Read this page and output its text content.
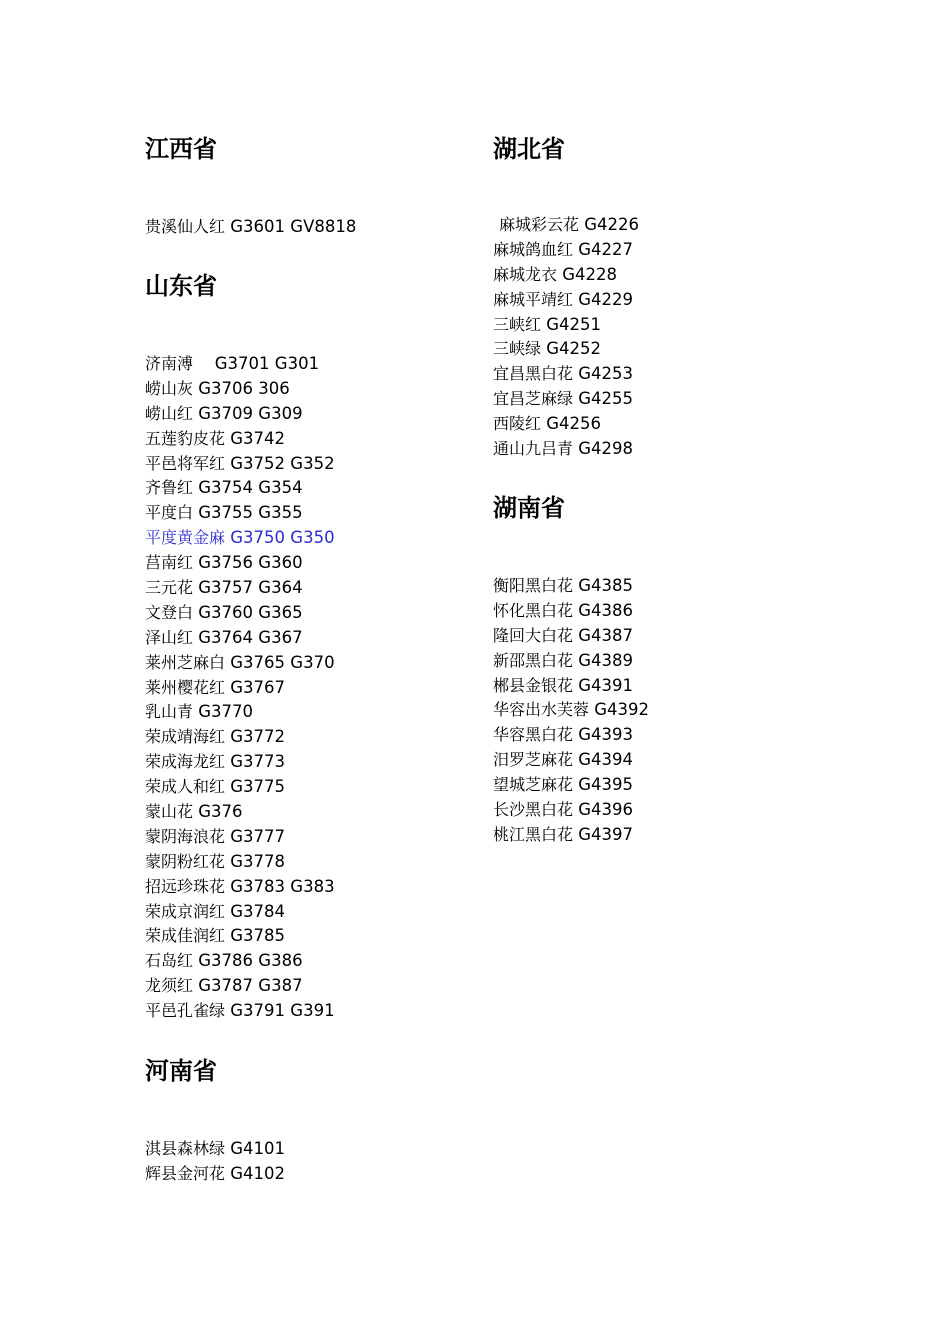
江西省
贵溪仙人红 G3601 GV8818
山东省
济南溥　 G3701 G301
崂山灰 G3706 306
崂山红 G3709 G309
五莲豹皮花 G3742
平邑将军红 G3752 G352
齐鲁红 G3754 G354
平度白 G3755 G355
平度黄金麻 G3750 G350
莒南红 G3756 G360
三元花 G3757 G364
文登白 G3760 G365
泽山红 G3764 G367
莱州芝麻白 G3765 G370
莱州樱花红 G3767
乳山青 G3770
荣成靖海红 G3772
荣成海龙红 G3773
荣成人和红 G3775
蒙山花 G376
蒙阴海浪花 G3777
蒙阴粉红花 G3778
招远珍珠花 G3783 G383
荣成京润红 G3784
荣成佳润红 G3785
石岛红 G3786 G386
龙须红 G3787 G387
平邑孔雀绿 G3791 G391
河南省
淇县森林绿 G4101
辉县金河花 G4102
湖北省
麻城彩云花 G4226
麻城鸽血红 G4227
麻城龙衣 G4228
麻城平靖红 G4229
三峡红 G4251
三峡绿 G4252
宜昌黑白花 G4253
宜昌芝麻绿 G4255
西陵红 G4256
通山九吕青 G4298
湖南省
衡阳黑白花 G4385
怀化黑白花 G4386
隆回大白花 G4387
新邵黑白花 G4389
郴县金银花 G4391
华容出水芙蓉 G4392
华容黑白花 G4393
汨罗芝麻花 G4394
望城芝麻花 G4395
长沙黑白花 G4396
桃江黑白花 G4397
